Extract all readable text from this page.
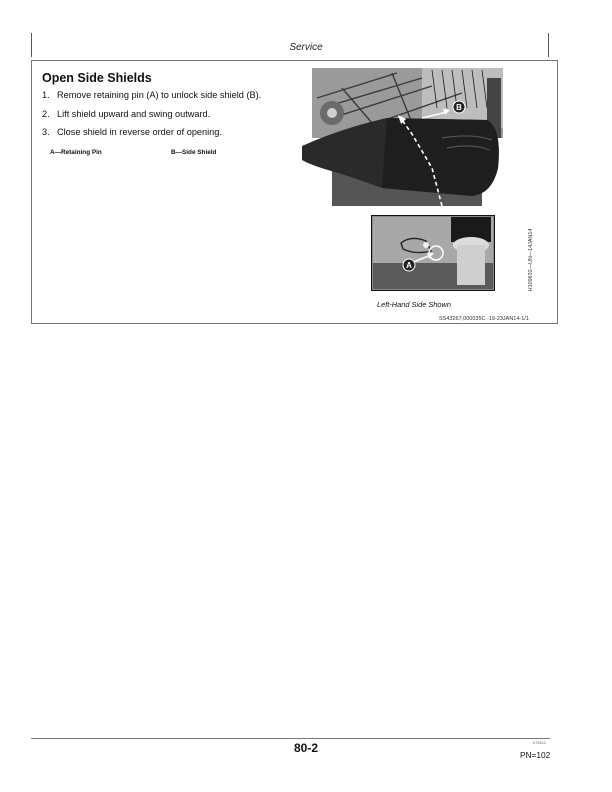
Service
Open Side Shields
1. Remove retaining pin (A) to unlock side shield (B).
2. Lift shield upward and swing outward.
3. Close shield in reverse order of opening.
A—Retaining Pin	B—Side Shield
B
A	H109632—UN—14JAN14
Left-Hand Side Shown
SS43267,000035C -19-23JAN14-1/1
80-2	072413
PN=102
